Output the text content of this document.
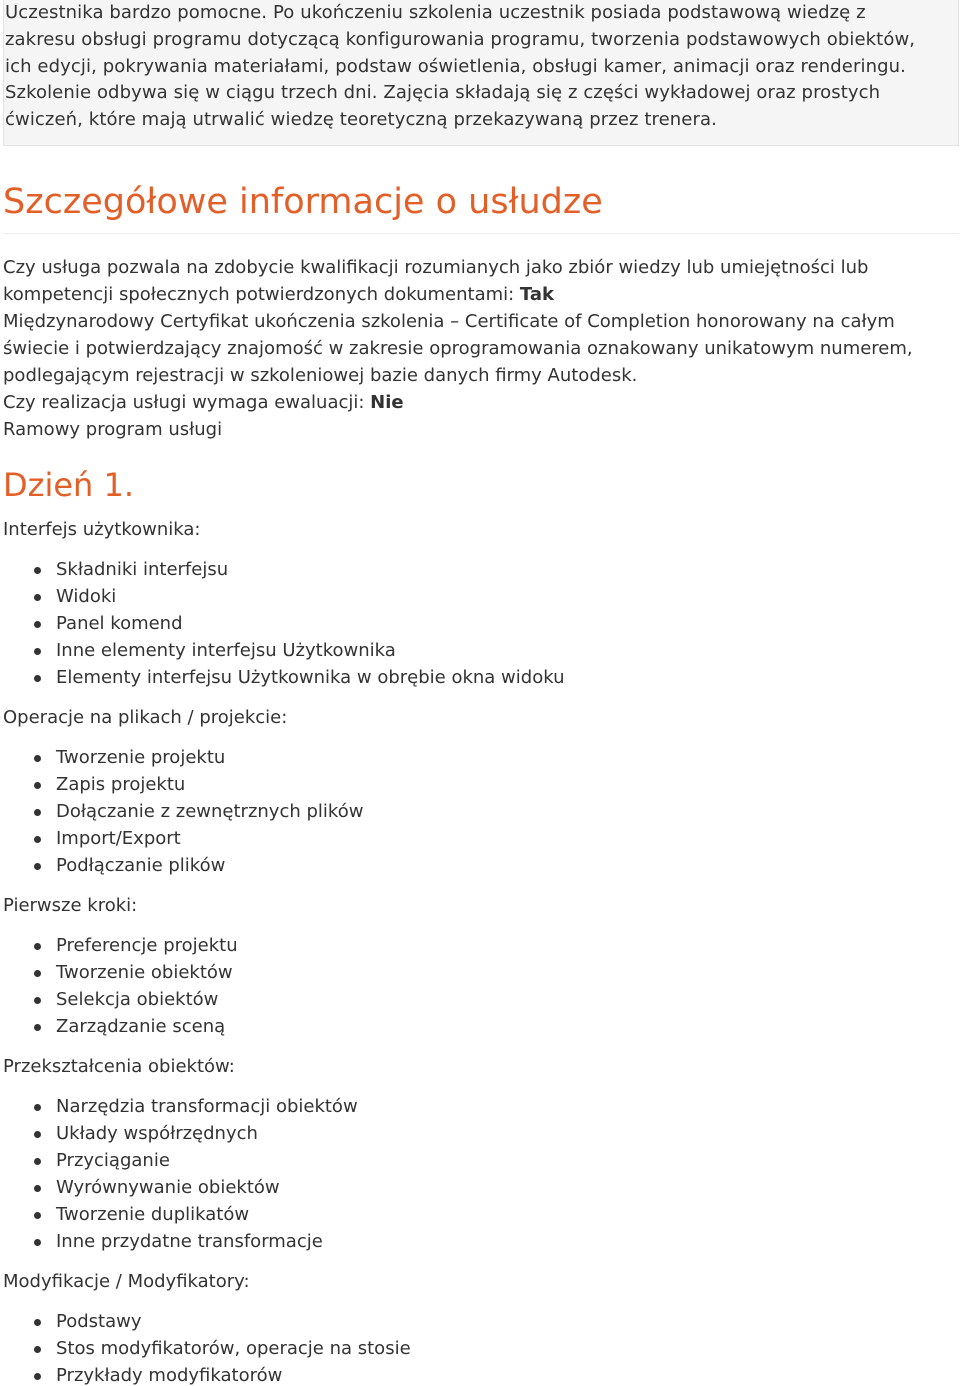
Uczestnika bardzo pomocne. Po ukończeniu szkolenia uczestnik posiada podstawową wiedzę z

zakresu obsługi programu dotyczącą konfigurowania programu, tworzenia podstawowych obiektów,

ich edycji, pokrywania materiałami, podstaw oświetlenia, obsługi kamer, animacji oraz renderingu.

Szkolenie odbywa się w ciągu trzech dni. Zajęcia składają się z części wykładowej oraz prostych

ćwiczeń, które mają utrwalić wiedzę teoretyczną przekazywaną przez trenera.

Szczegółowe informacje o usłudze

Czy usługa pozwala na zdobycie kwalifikacji rozumianych jako zbiór wiedzy lub umiejętności lub
kompetencji społecznych potwierdzonych dokumentami: Tak

Międzynarodowy Certyfikat ukończenia szkolenia – Certificate of Completion honorowany na całym
świecie i potwierdzający znajomość w zakresie oprogramowania oznakowany unikatowym numerem,
podlegającym rejestracji w szkoleniowej bazie danych firmy Autodesk.

Czy realizacja usługi wymaga ewaluacji: Nie

Ramowy program usługi

Dzień 1.

Interfejs użytkownika:

Składniki interfejsu
Widoki
Panel komend
Inne elementy interfejsu Użytkownika
Elementy interfejsu Użytkownika w obrębie okna widoku

Operacje na plikach / projekcie:

Tworzenie projektu
Zapis projektu
Dołączanie z zewnętrznych plików
Import/Export
Podłączanie plików

Pierwsze kroki:

Preferencje projektu
Tworzenie obiektów
Selekcja obiektów
Zarządzanie sceną

Przekształcenia obiektów:

Narzędzia transformacji obiektów
Układy współrzędnych
Przyciąganie
Wyrównywanie obiektów
Tworzenie duplikatów
Inne przydatne transformacje

Modyfikacje / Modyfikatory:

Podstawy
Stos modyfikatorów, operacje na stosie
Przykłady modyfikatorów
